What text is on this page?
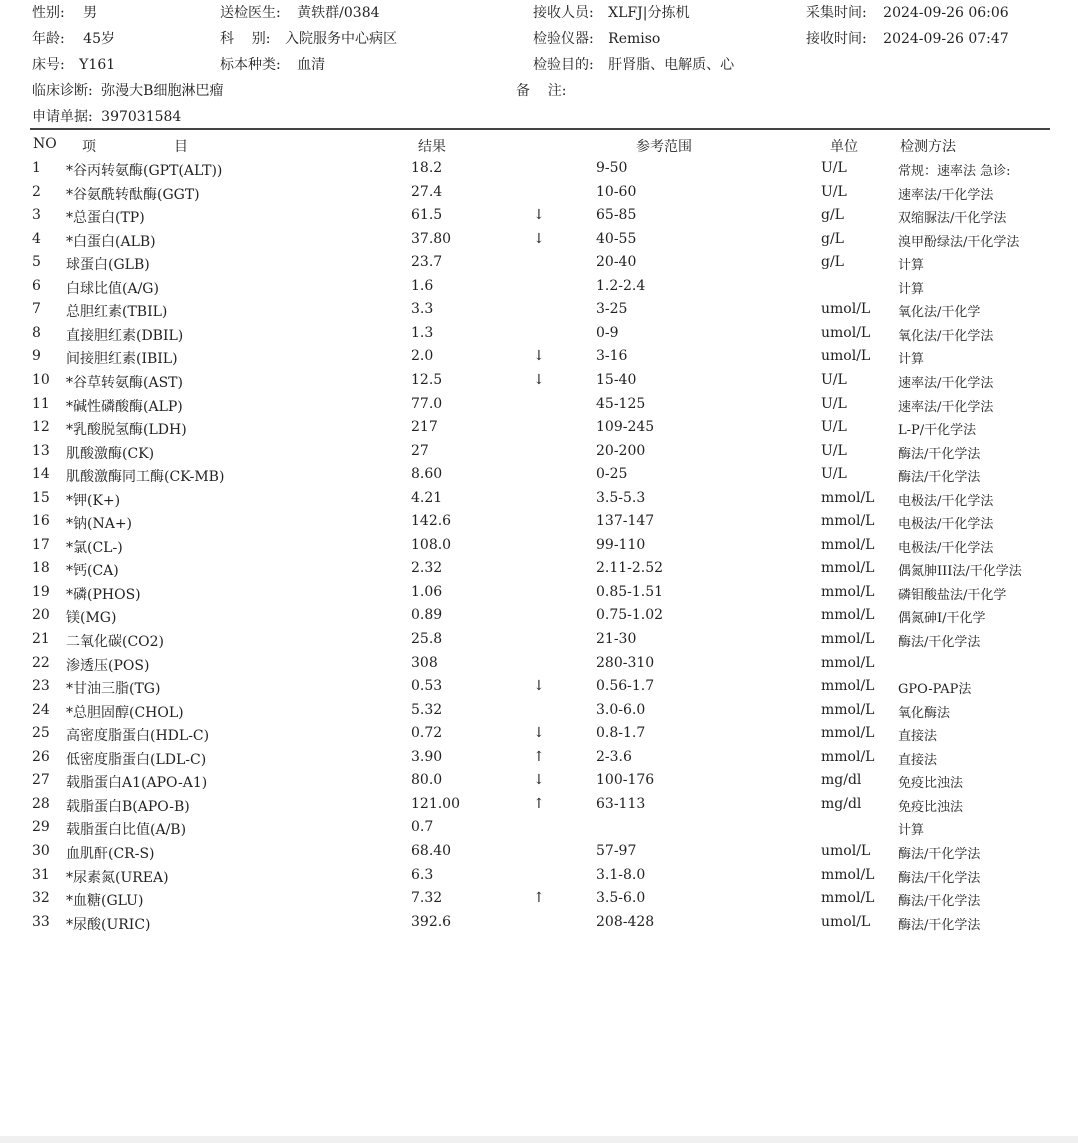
性别: 男	送检医生: 黄轶群/0384	接收人员: XLFJ|分拣机	采集时间: 2024-09-26 06:06
年龄: 45岁	科    别: 入院服务中心病区	检验仪器: Remiso	接收时间: 2024-09-26 07:47
床号: Y161	标本种类: 血清	检验目的: 肝肾脂、电解质、心
临床诊断: 弥漫大B细胞淋巴瘤	备    注:
申请单据: 397031584
NO 项	目	结果	参考范围	单位	检测方法
1 *谷丙转氨酶(GPT(ALT))	18.2	9-50	U/L	常规：速率法 急诊:
2 *谷氨酰转酞酶(GGT)	27.4	10-60	U/L	速率法/干化学法
3 *总蛋白(TP)	61.5	↓	65-85	g/L	双缩脲法/干化学法
4 *白蛋白(ALB)	37.80	↓	40-55	g/L	溴甲酚绿法/干化学法
5 球蛋白(GLB)	23.7	20-40	g/L	计算
6 白球比值(A/G)	1.6	1.2-2.4	计算
7 总胆红素(TBIL)	3.3	3-25	umol/L 氧化法/干化学
8 直接胆红素(DBIL)	1.3	0-9	umol/L 氧化法/干化学法
9 间接胆红素(IBIL)	2.0	↓	3-16	umol/L 计算
10 *谷草转氨酶(AST)	12.5	↓	15-40	U/L	速率法/干化学法
11 *碱性磷酸酶(ALP)	77.0	45-125	U/L	速率法/干化学法
12 *乳酸脱氢酶(LDH)	217	109-245	U/L	L-P/干化学法
13 肌酸激酶(CK)	27	20-200	U/L	酶法/干化学法
14 肌酸激酶同工酶(CK-MB)	8.60	0-25	U/L	酶法/干化学法
15 *钾(K+)	4.21	3.5-5.3	mmol/L 电极法/干化学法
16 *钠(NA+)	142.6	137-147	mmol/L 电极法/干化学法
17 *氯(CL-)	108.0	99-110	mmol/L 电极法/干化学法
18 *钙(CA)	2.32	2.11-2.52	mmol/L 偶氮胂III法/干化学法
19 *磷(PHOS)	1.06	0.85-1.51	mmol/L 磷钼酸盐法/干化学
20 镁(MG)	0.89	0.75-1.02	mmol/L 偶氮砷I/干化学
21 二氧化碳(CO2)	25.8	21-30	mmol/L 酶法/干化学法
22 渗透压(POS)	308	280-310	mmol/L
23 *甘油三脂(TG)	0.53	↓	0.56-1.7	mmol/L GPO-PAP法
24 *总胆固醇(CHOL)	5.32	3.0-6.0	mmol/L 氧化酶法
25 高密度脂蛋白(HDL-C)	0.72	↓	0.8-1.7	mmol/L 直接法
26 低密度脂蛋白(LDL-C)	3.90	↑	2-3.6	mmol/L 直接法
27 载脂蛋白A1(APO-A1)	80.0	↓	100-176	mg/dl	免疫比浊法
28 载脂蛋白B(APO-B)	121.00	↑	63-113	mg/dl	免疫比浊法
29 载脂蛋白比值(A/B)	0.7	计算
30 血肌酐(CR-S)	68.40	57-97	umol/L 酶法/干化学法
31 *尿素氮(UREA)	6.3	3.1-8.0	mmol/L 酶法/干化学法
32 *血糖(GLU)	7.32	↑	3.5-6.0	mmol/L 酶法/干化学法
33 *尿酸(URIC)	392.6	208-428	umol/L 酶法/干化学法
